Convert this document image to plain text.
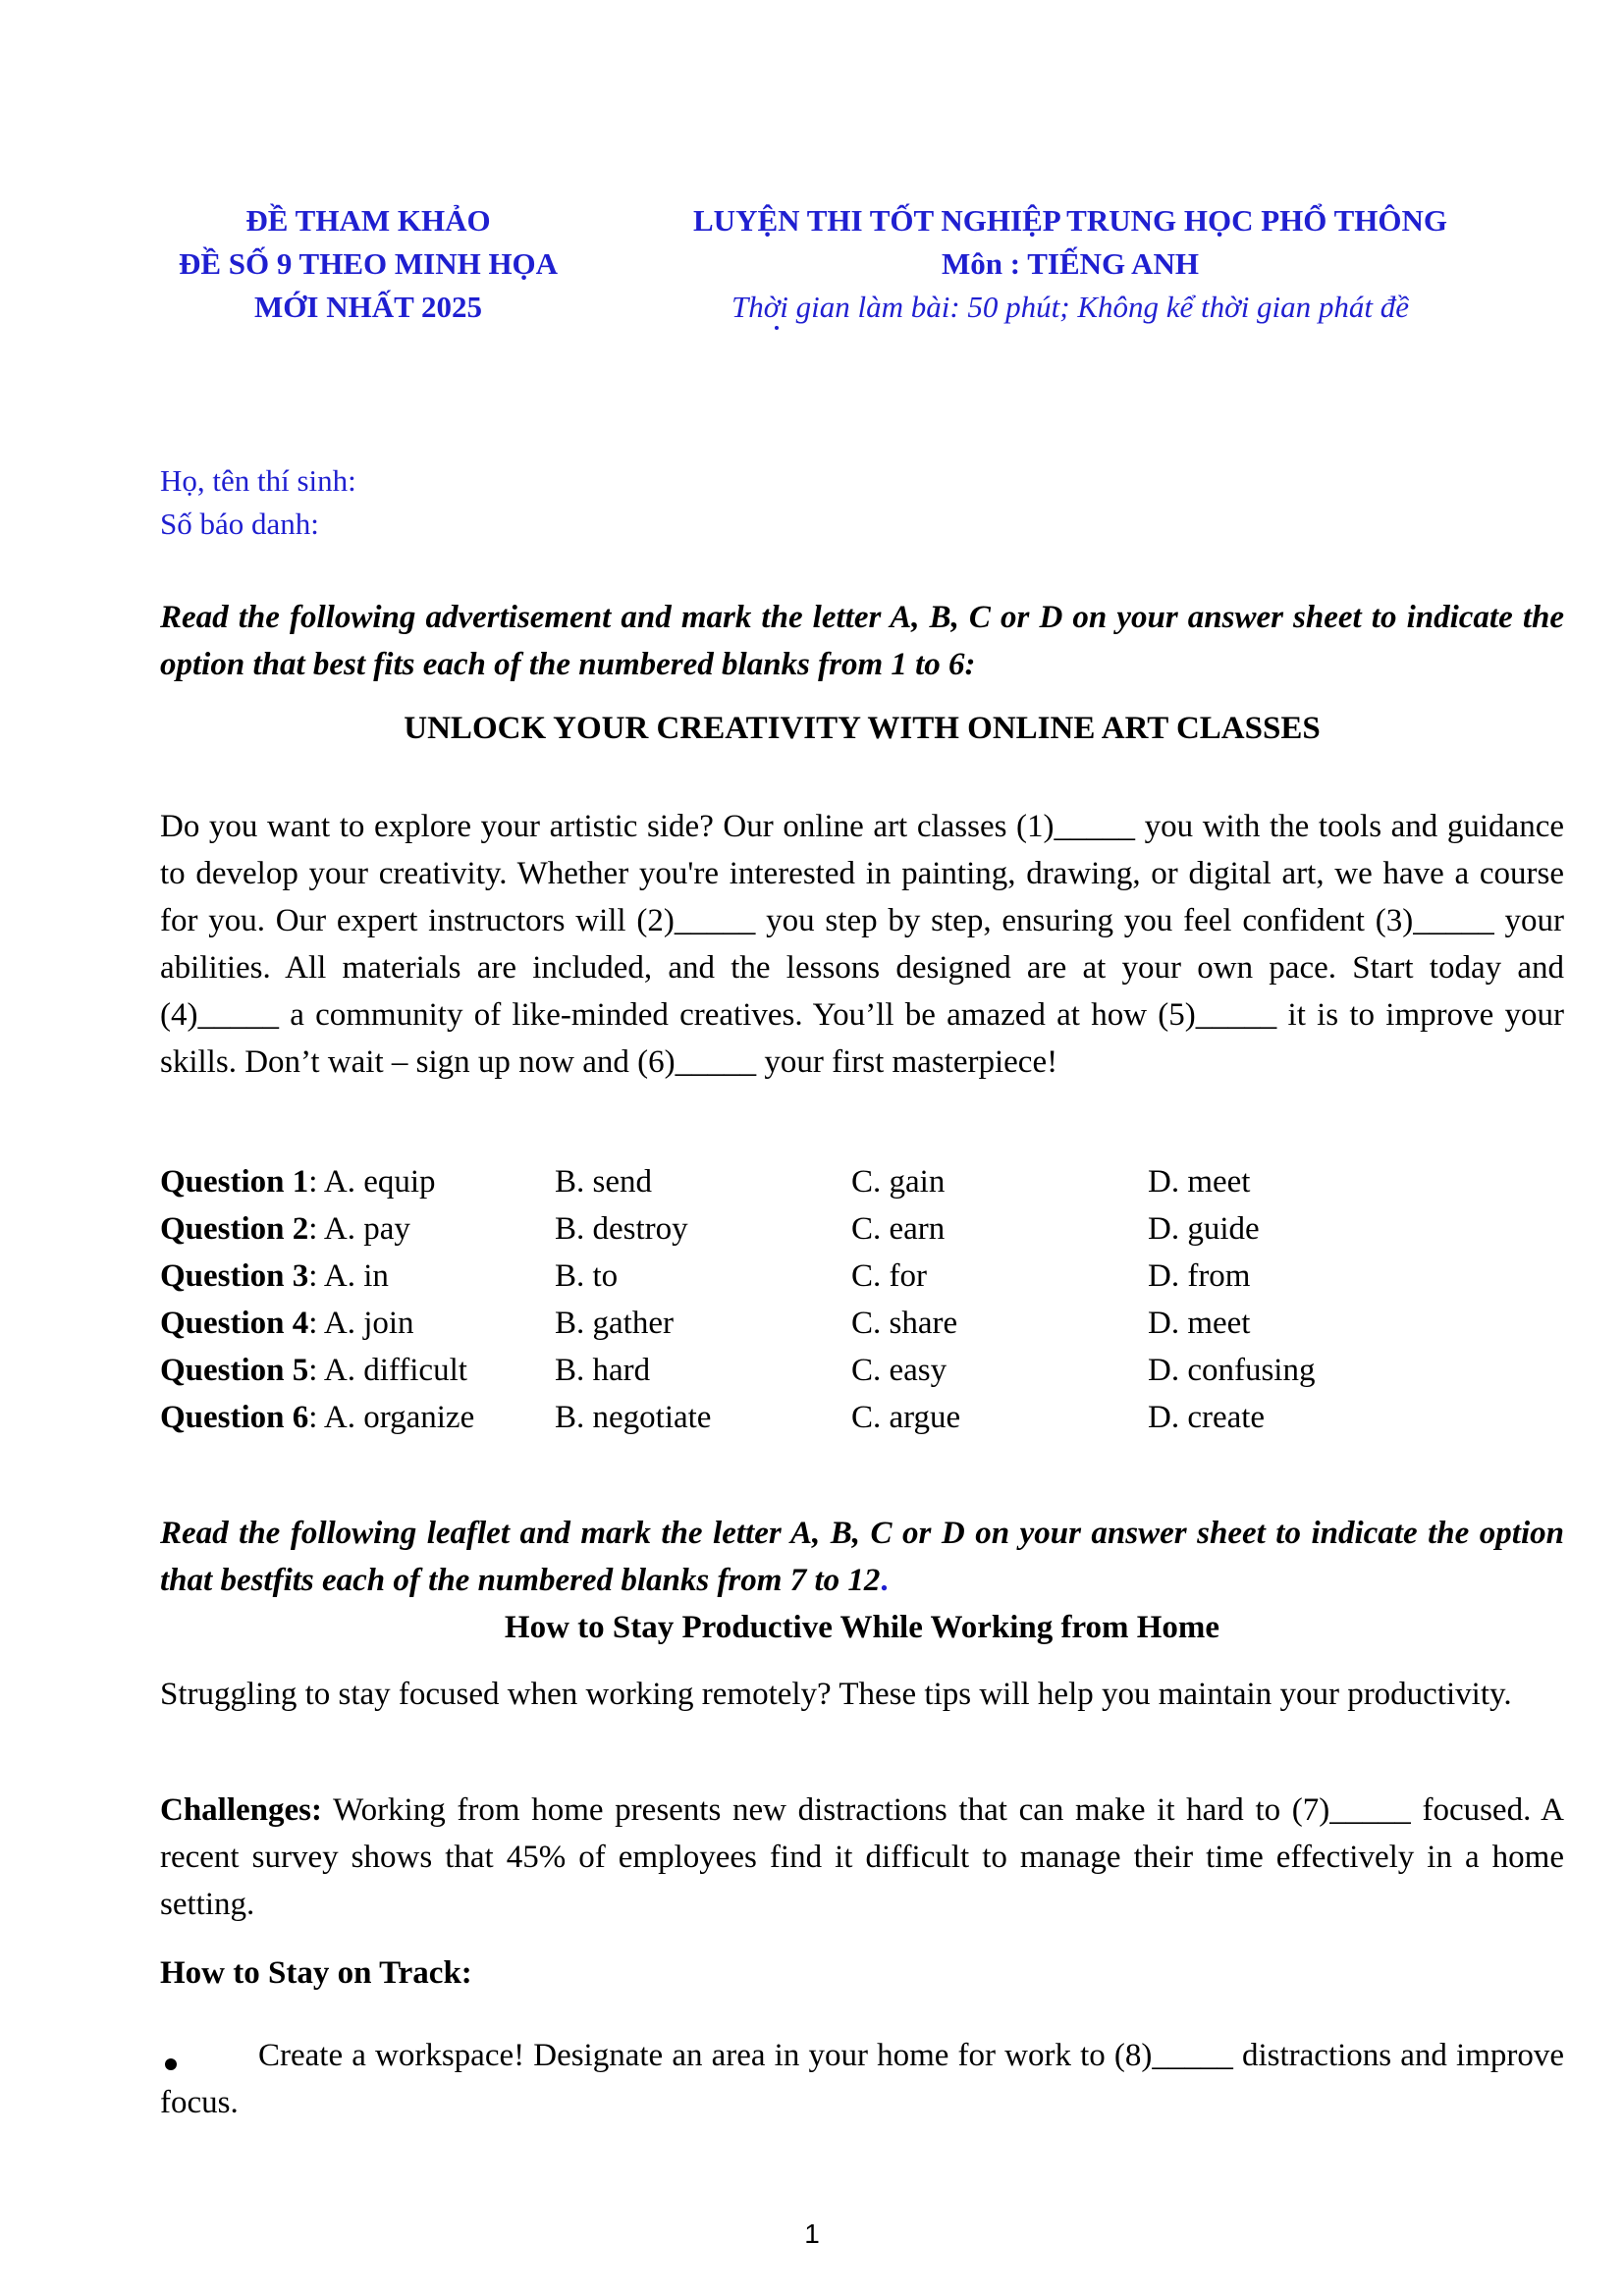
ĐỀ THAM KHẢO
ĐỀ SỐ 9 THEO MINH HỌA
MỚI NHẤT 2025
LUYỆN THI TỐT NGHIỆP TRUNG HỌC PHỔ THÔNG
Môn : TIẾNG ANH
Thời gian làm bài: 50 phút; Không kể thời gian phát đề
Họ, tên thí sinh:
Số báo danh:
Read the following advertisement and mark the letter A, B, C or D on your answer sheet to indicate the option that best fits each of the numbered blanks from 1 to 6:
UNLOCK YOUR CREATIVITY WITH ONLINE ART CLASSES
Do you want to explore your artistic side? Our online art classes (1)_____ you with the tools and guidance to develop your creativity. Whether you're interested in painting, drawing, or digital art, we have a course for you. Our expert instructors will (2)_____ you step by step, ensuring you feel confident (3)_____ your abilities. All materials are included, and the lessons designed are at your own pace. Start today and (4)_____ a community of like-minded creatives. You’ll be amazed at how (5)_____ it is to improve your skills. Don’t wait – sign up now and (6)_____ your first masterpiece!
Question 1: A. equip	B. send	C. gain	D. meet
Question 2: A. pay	B. destroy	C. earn	D. guide
Question 3: A. in	B. to	C. for	D. from
Question 4: A. join	B. gather	C. share	D. meet
Question 5: A. difficult	B. hard	C. easy	D. confusing
Question 6: A. organize B. negotiate	C. argue	D. create
Read the following leaflet and mark the letter A, B, C or D on your answer sheet to indicate the option that bestfits each of the numbered blanks from 7 to 12.
How to Stay Productive While Working from Home
Struggling to stay focused when working remotely? These tips will help you maintain your productivity.
Challenges: Working from home presents new distractions that can make it hard to (7)_____ focused. A recent survey shows that 45% of employees find it difficult to manage their time effectively in a home setting.
How to Stay on Track:
Create a workspace! Designate an area in your home for work to (8)_____ distractions and improve focus.
1
